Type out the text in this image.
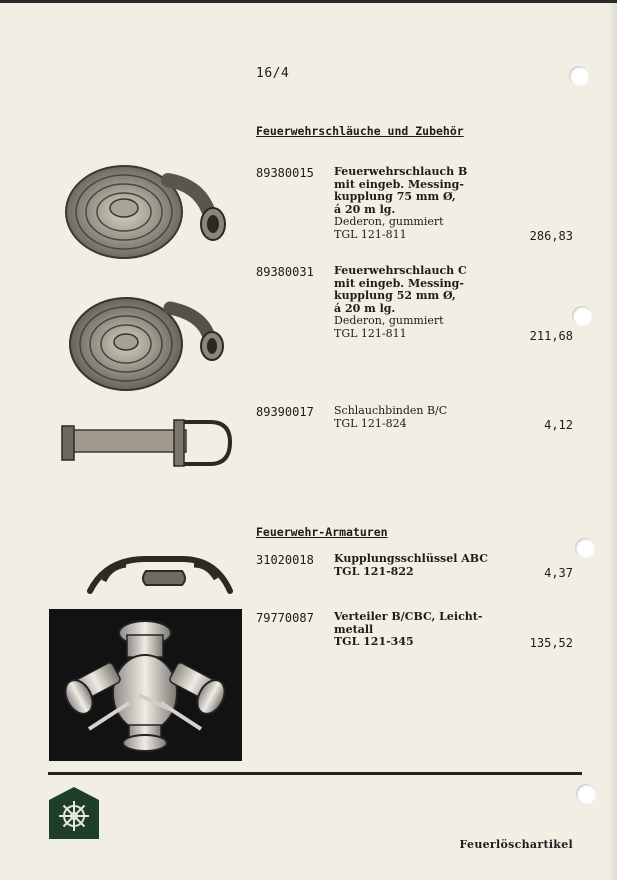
16/4
Feuerwehrschläuche und Zubehör
89380015 Feuerwehrschlauch B
mit eingeb. Messing-
kupplung 75 mm Ø,
á 20 m lg.
Dederon, gummiert
TGL 121-811	286,83
89380031 Feuerwehrschlauch C
mit eingeb. Messing-
kupplung 52 mm Ø,
á 20 m lg.
Dederon, gummiert
TGL 121-811	211,68
89390017 Schlauchbinden B/C
TGL 121-824	4,12
Feuerwehr-Armaturen
31020018 Kupplungsschlüssel ABC
TGL 121-822	4,37
79770087 Verteiler B/CBC, Leicht-
metall
TGL 121-345	135,52
Feuerlöschartikel
